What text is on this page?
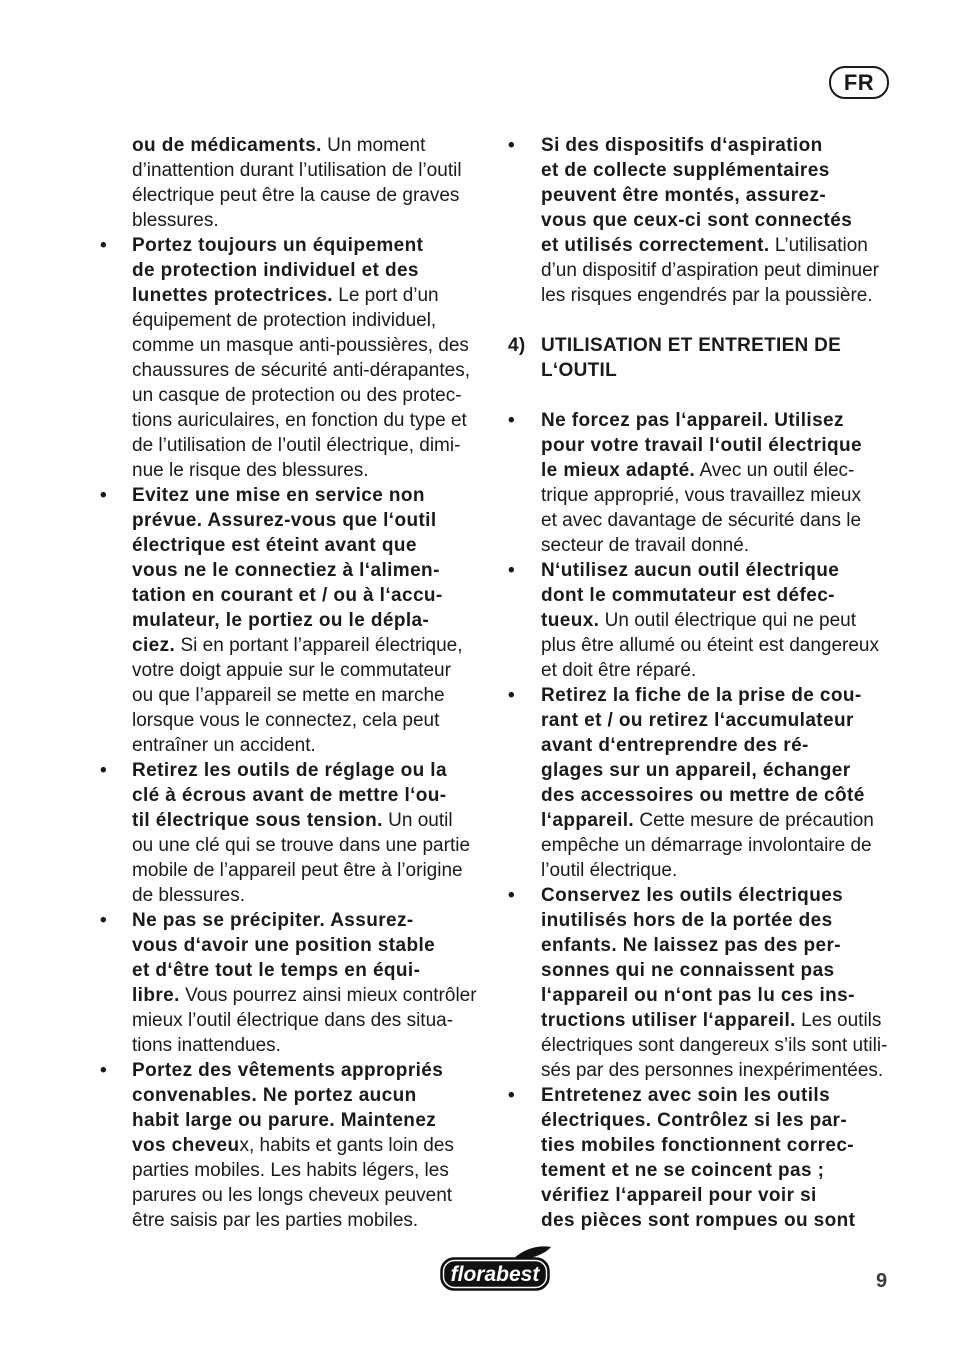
FR
ou de médicaments. Un moment
d’inattention durant l’utilisation de l’outil
électrique peut être la cause de graves
blessures.
• Portez toujours un équipement
de protection individuel et des
lunettes protectrices. Le port d’un
équipement de protection individuel,
comme un masque anti-poussières, des
chaussures de sécurité anti-dérapantes,
un casque de protection ou des protec-
tions auriculaires, en fonction du type et
de l’utilisation de l’outil électrique, dimi-
nue le risque des blessures.
• Evitez une mise en service non
prévue. Assurez-vous que l‘outil
électrique est éteint avant que
vous ne le connectiez à l‘alimen-
tation en courant et / ou à l‘accu-
mulateur, le portiez ou le dépla-
ciez. Si en portant l’appareil électrique,
votre doigt appuie sur le commutateur
ou que l’appareil se mette en marche
lorsque vous le connectez, cela peut
entraîner un accident.
• Retirez les outils de réglage ou la
clé à écrous avant de mettre l‘ou-
til électrique sous tension. Un outil
ou une clé qui se trouve dans une partie
mobile de l’appareil peut être à l’origine
de blessures.
• Ne pas se précipiter. Assurez-
vous d‘avoir une position stable
et d‘être tout le temps en équi-
libre. Vous pourrez ainsi mieux contrôler
mieux l’outil électrique dans des situa-
tions inattendues.
• Portez des vêtements appropriés
convenables. Ne portez aucun
habit large ou parure. Maintenez
vos cheveux, habits et gants loin des
parties mobiles. Les habits légers, les
parures ou les longs cheveux peuvent
être saisis par les parties mobiles.
• Si des dispositifs d‘aspiration
et de collecte supplémentaires
peuvent être montés, assurez-
vous que ceux-ci sont connectés
et utilisés correctement. L’utilisation
d’un dispositif d’aspiration peut diminuer
les risques engendrés par la poussière.
4) UTILISATION ET ENTRETIEN DE
L‘OUTIL
• Ne forcez pas l‘appareil. Utilisez
pour votre travail l‘outil électrique
le mieux adapté. Avec un outil élec-
trique approprié, vous travaillez mieux
et avec davantage de sécurité dans le
secteur de travail donné.
• N‘utilisez aucun outil électrique
dont le commutateur est défec-
tueux. Un outil électrique qui ne peut
plus être allumé ou éteint est dangereux
et doit être réparé.
• Retirez la fiche de la prise de cou-
rant et / ou retirez l‘accumulateur
avant d‘entreprendre des ré-
glages sur un appareil, échanger
des accessoires ou mettre de côté
l‘appareil. Cette mesure de précaution
empêche un démarrage involontaire de
l’outil électrique.
• Conservez les outils électriques
inutilisés hors de la portée des
enfants. Ne laissez pas des per-
sonnes qui ne connaissent pas
l‘appareil ou n‘ont pas lu ces ins-
tructions utiliser l‘appareil. Les outils
électriques sont dangereux s’ils sont utili-
sés par des personnes inexpérimentées.
• Entretenez avec soin les outils
électriques. Contrôlez si les par-
ties mobiles fonctionnent correc-
tement et ne se coincent pas ;
vérifiez l‘appareil pour voir si
des pièces sont rompues ou sont
florabest	9
